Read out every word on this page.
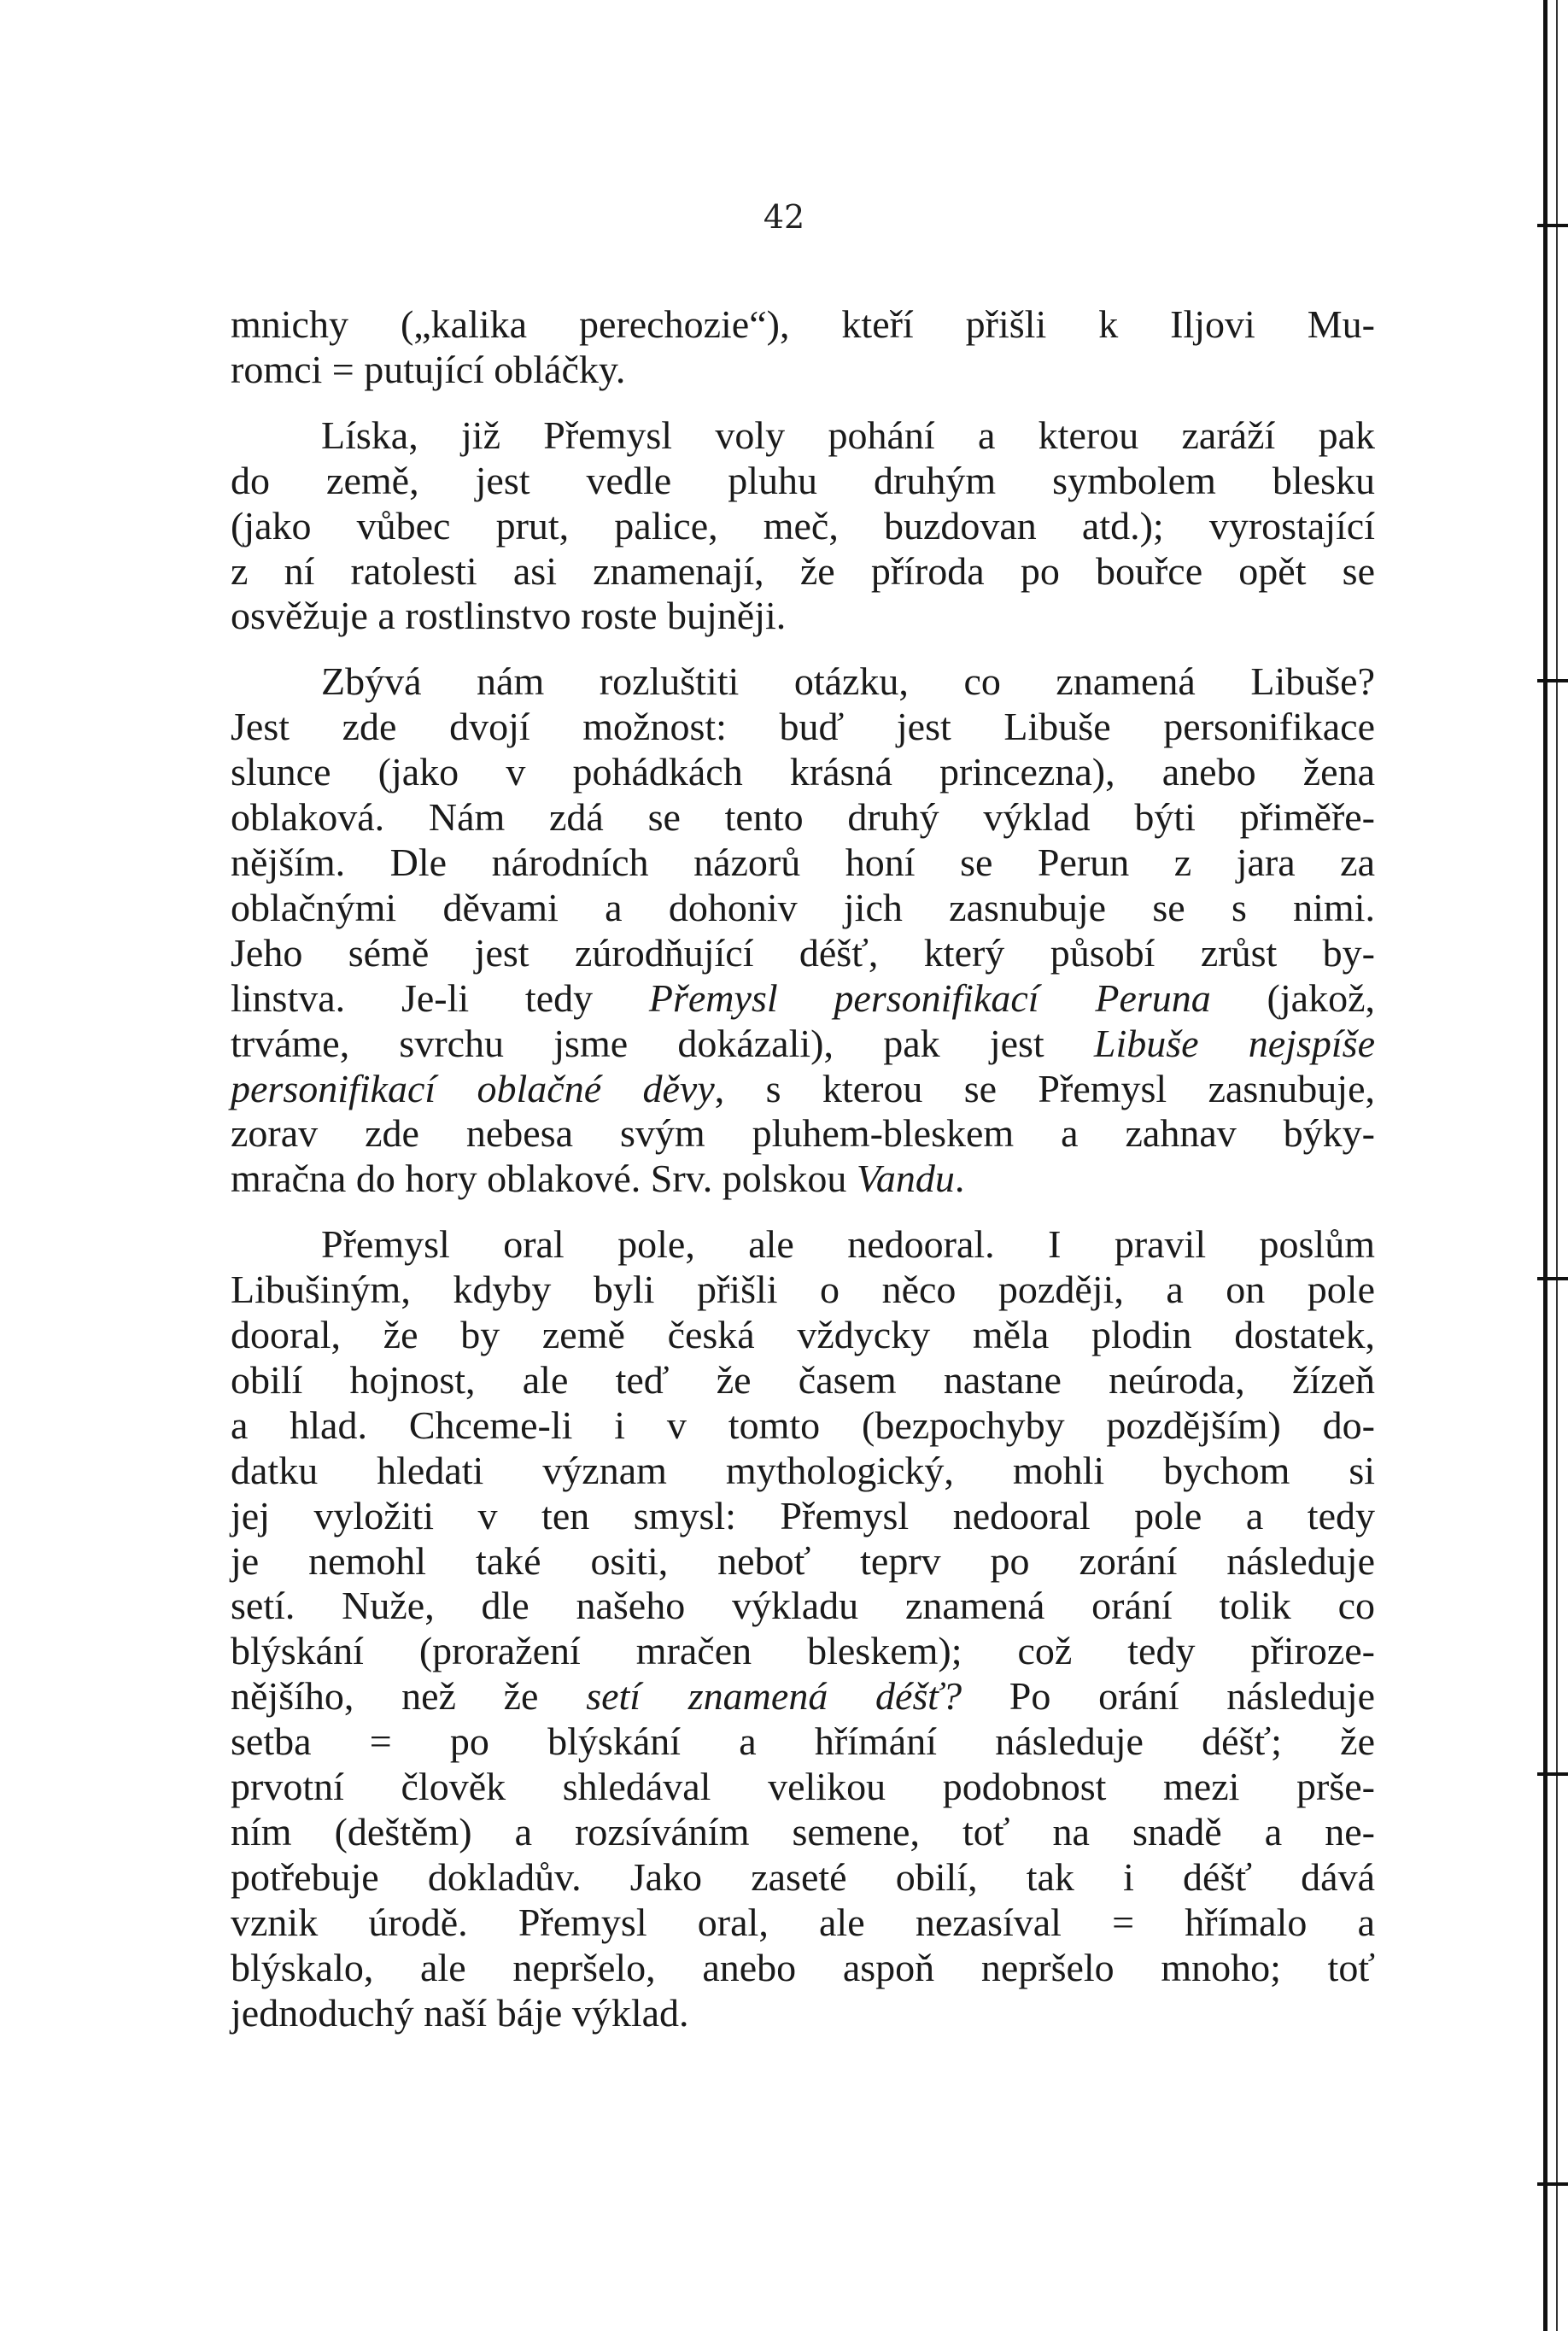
42
mnichy („kalika perechozie“), kteří přišli k Iljovi Mu-
romci = putující obláčky.
Líska, již Přemysl voly pohání a kterou zaráží pak
do země, jest vedle pluhu druhým symbolem blesku
(jako vůbec prut, palice, meč, buzdovan atd.); vyrostající
z ní ratolesti asi znamenají, že příroda po bouřce opět se
osvěžuje a rostlinstvo roste bujněji.
Zbývá nám rozluštiti otázku, co znamená Libuše?
Jest zde dvojí možnost: buď jest Libuše personifikace
slunce (jako v pohádkách krásná princezna), anebo žena
oblaková. Nám zdá se tento druhý výklad býti přiměře-
nějším. Dle národních názorů honí se Perun z jara za
oblačnými děvami a dohoniv jich zasnubuje se s nimi.
Jeho sémě jest zúrodňující déšť, který působí zrůst by-
linstva. Je-li tedy Přemysl personifikací Peruna (jakož,
trváme, svrchu jsme dokázali), pak jest Libuše nejspíše
personifikací oblačné děvy, s kterou se Přemysl zasnubuje,
zorav zde nebesa svým pluhem-bleskem a zahnav býky-
mračna do hory oblakové. Srv. polskou Vandu.
Přemysl oral pole, ale nedooral. I pravil poslům
Libušiným, kdyby byli přišli o něco později, a on pole
dooral, že by země česká vždycky měla plodin dostatek,
obilí hojnost, ale teď že časem nastane neúroda, žízeň
a hlad. Chceme-li i v tomto (bezpochyby pozdějším) do-
datku hledati význam mythologický, mohli bychom si
jej vyložiti v ten smysl: Přemysl nedooral pole a tedy
je nemohl také ositi, neboť teprv po zorání následuje
setí. Nuže, dle našeho výkladu znamená orání tolik co
blýskání (proražení mračen bleskem); což tedy přiroze-
nějšího, než že setí znamená déšť? Po orání následuje
setba = po blýskání a hřímání následuje déšť; že
prvotní člověk shledával velikou podobnost mezi prše-
ním (deštěm) a rozsíváním semene, toť na snadě a ne-
potřebuje dokladův. Jako zaseté obilí, tak i déšť dává
vznik úrodě. Přemysl oral, ale nezasíval = hřímalo a
blýskalo, ale nepršelo, anebo aspoň nepršelo mnoho; toť
jednoduchý naší báje výklad.
